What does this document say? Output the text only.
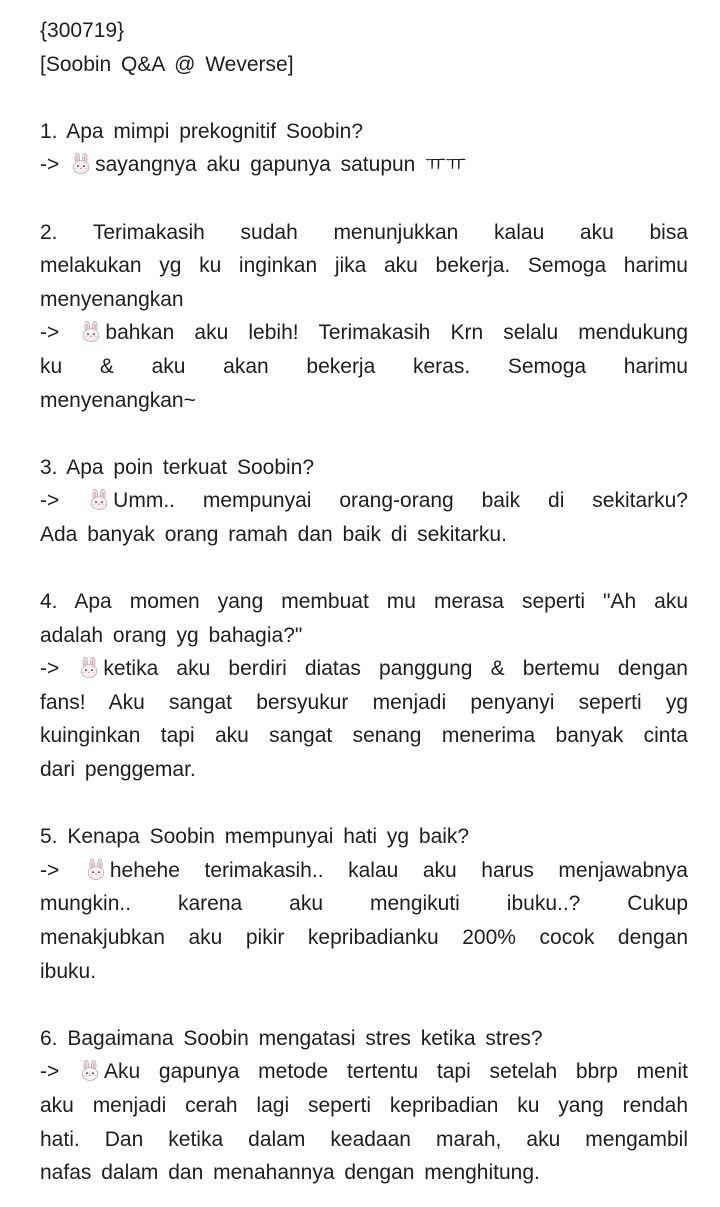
{300719}
[Soobin Q&A @ Weverse]
1. Apa mimpi prekognitif Soobin?
-> sayangnya aku gapunya satupun ㅠㅠ
2. Terimakasih sudah menunjukkan kalau aku bisa
melakukan yg ku inginkan jika aku bekerja. Semoga harimu
menyenangkan
-> bahkan aku lebih! Terimakasih Krn selalu mendukung
ku & aku akan bekerja keras. Semoga harimu
menyenangkan~
3. Apa poin terkuat Soobin?
->	Umm.. mempunyai orang-orang baik di sekitarku?
Ada banyak orang ramah dan baik di sekitarku.
4. Apa momen yang membuat mu merasa seperti "Ah aku
adalah orang yg bahagia?"
-> ketika aku berdiri diatas panggung & bertemu dengan
fans! Aku sangat bersyukur menjadi penyanyi seperti yg
kuinginkan tapi aku sangat senang menerima banyak cinta
dari penggemar.
5. Kenapa Soobin mempunyai hati yg baik?
-> hehehe terimakasih.. kalau aku harus menjawabnya
mungkin.. karena aku mengikuti ibuku..? Cukup
menakjubkan aku pikir kepribadianku 200% cocok dengan
ibuku.
6. Bagaimana Soobin mengatasi stres ketika stres?
-> Aku gapunya metode tertentu tapi setelah bbrp menit
aku menjadi cerah lagi seperti kepribadian ku yang rendah
hati. Dan ketika dalam keadaan marah, aku mengambil
nafas dalam dan menahannya dengan menghitung.
